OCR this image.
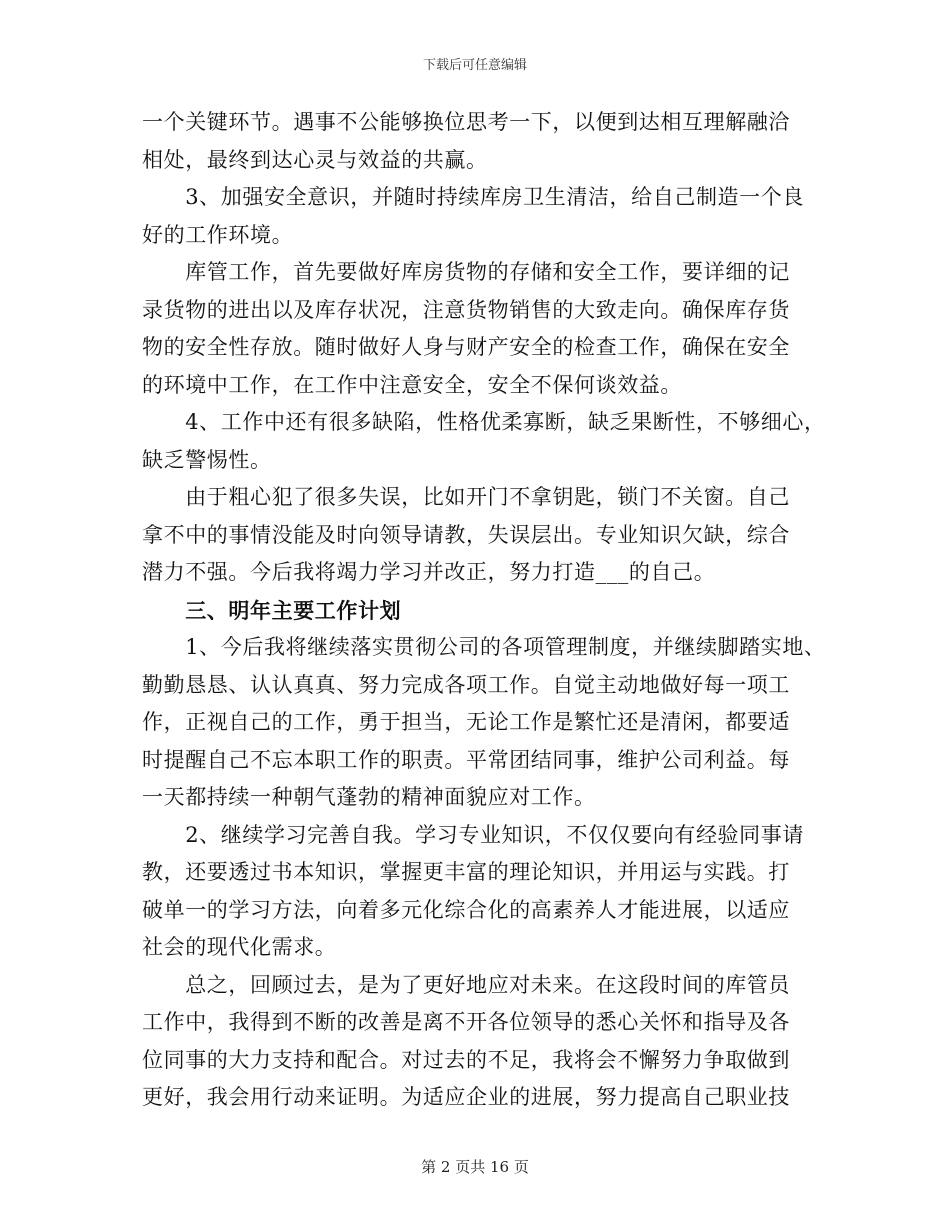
下载后可任意编辑
一个关键环节。遇事不公能够换位思考一下，以便到达相互理解融洽
相处，最终到达心灵与效益的共赢。
　　3、加强安全意识，并随时持续库房卫生清洁，给自己制造一个良
好的工作环境。
　　库管工作，首先要做好库房货物的存储和安全工作，要详细的记
录货物的进出以及库存状况，注意货物销售的大致走向。确保库存货
物的安全性存放。随时做好人身与财产安全的检查工作，确保在安全
的环境中工作，在工作中注意安全，安全不保何谈效益。
　　4、工作中还有很多缺陷，性格优柔寡断，缺乏果断性，不够细心，
缺乏警惕性。
　　由于粗心犯了很多失误，比如开门不拿钥匙，锁门不关窗。自己
拿不中的事情没能及时向领导请教，失误层出。专业知识欠缺，综合
潜力不强。今后我将竭力学习并改正，努力打造___的自己。
　　三、明年主要工作计划
　　1、今后我将继续落实贯彻公司的各项管理制度，并继续脚踏实地、
勤勤恳恳、认认真真、努力完成各项工作。自觉主动地做好每一项工
作，正视自己的工作，勇于担当，无论工作是繁忙还是清闲，都要适
时提醒自己不忘本职工作的职责。平常团结同事，维护公司利益。每
一天都持续一种朝气蓬勃的精神面貌应对工作。
　　2、继续学习完善自我。学习专业知识，不仅仅要向有经验同事请
教，还要透过书本知识，掌握更丰富的理论知识，并用运与实践。打
破单一的学习方法，向着多元化综合化的高素养人才能进展，以适应
社会的现代化需求。
　　总之，回顾过去，是为了更好地应对未来。在这段时间的库管员
工作中，我得到不断的改善是离不开各位领导的悉心关怀和指导及各
位同事的大力支持和配合。对过去的不足，我将会不懈努力争取做到
更好，我会用行动来证明。为适应企业的进展，努力提高自己职业技
第 2 页共 16 页
